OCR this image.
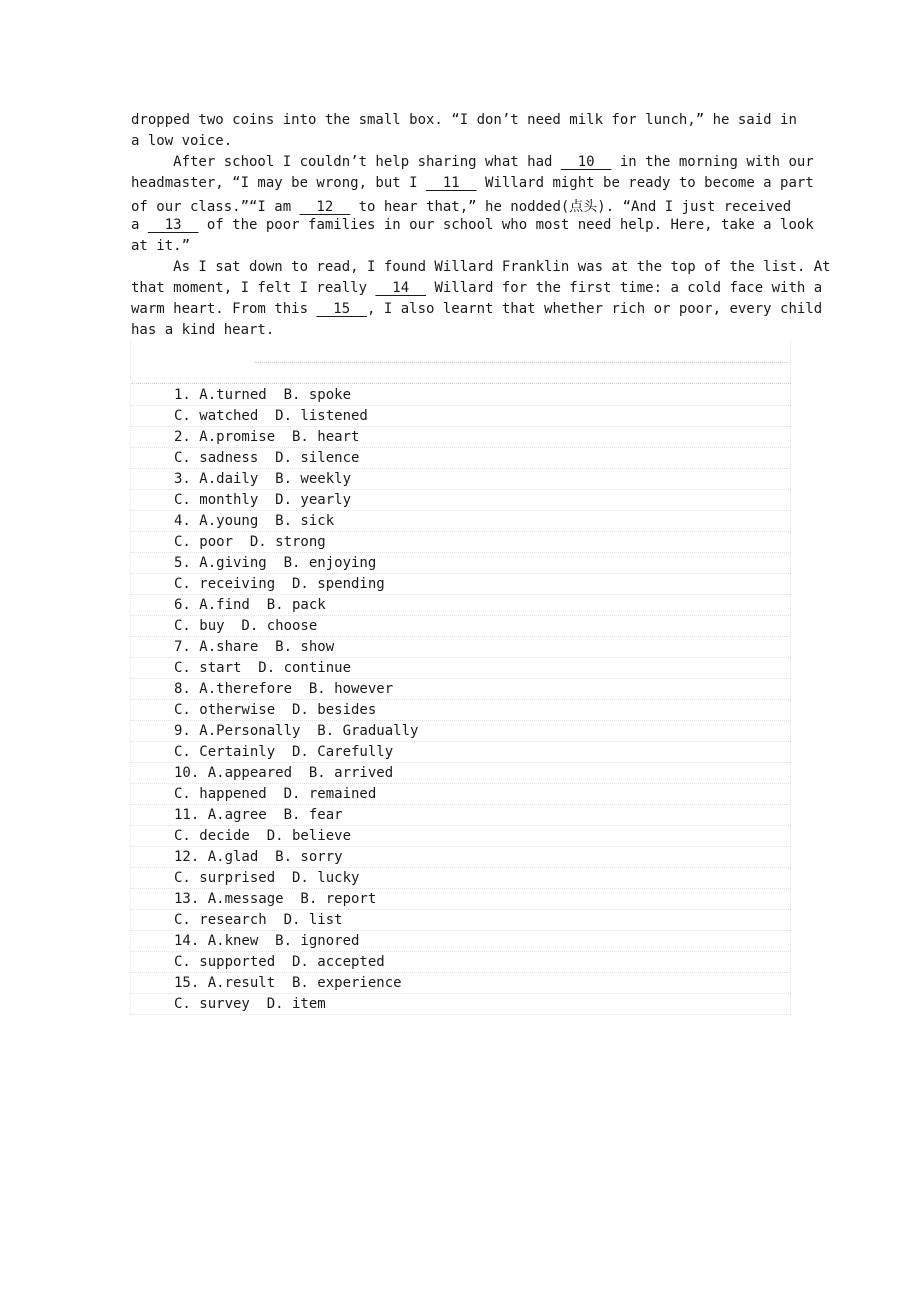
dropped two coins into the small box. “I don’t need milk for lunch,” he said in
a low voice.
After school I couldn’t help sharing what had __10__ in the morning with our
headmaster, “I may be wrong, but I __11__ Willard might be ready to become a part
of our class.”“I am __12__ to hear that,” he nodded(点头). “And I just received
a __13__ of the poor families in our school who most need help. Here, take a look
at it.”
As I sat down to read, I found Willard Franklin was at the top of the list. At
that moment, I felt I really __14__ Willard for the first time: a cold face with a
warm heart. From this __15__, I also learnt that whether rich or poor, every child
has a kind heart.
1. A.turned  B. spoke
C. watched  D. listened
2. A.promise  B. heart
C. sadness  D. silence
3. A.daily  B. weekly
C. monthly  D. yearly
4. A.young  B. sick
C. poor  D. strong
5. A.giving  B. enjoying
C. receiving  D. spending
6. A.find  B. pack
C. buy  D. choose
7. A.share  B. show
C. start  D. continue
8. A.therefore  B. however
C. otherwise  D. besides
9. A.Personally  B. Gradually
C. Certainly  D. Carefully
10. A.appeared  B. arrived
C. happened  D. remained
11. A.agree  B. fear
C. decide  D. believe
12. A.glad  B. sorry
C. surprised  D. lucky
13. A.message  B. report
C. research  D. list
14. A.knew  B. ignored
C. supported  D. accepted
15. A.result  B. experience
C. survey  D. item
